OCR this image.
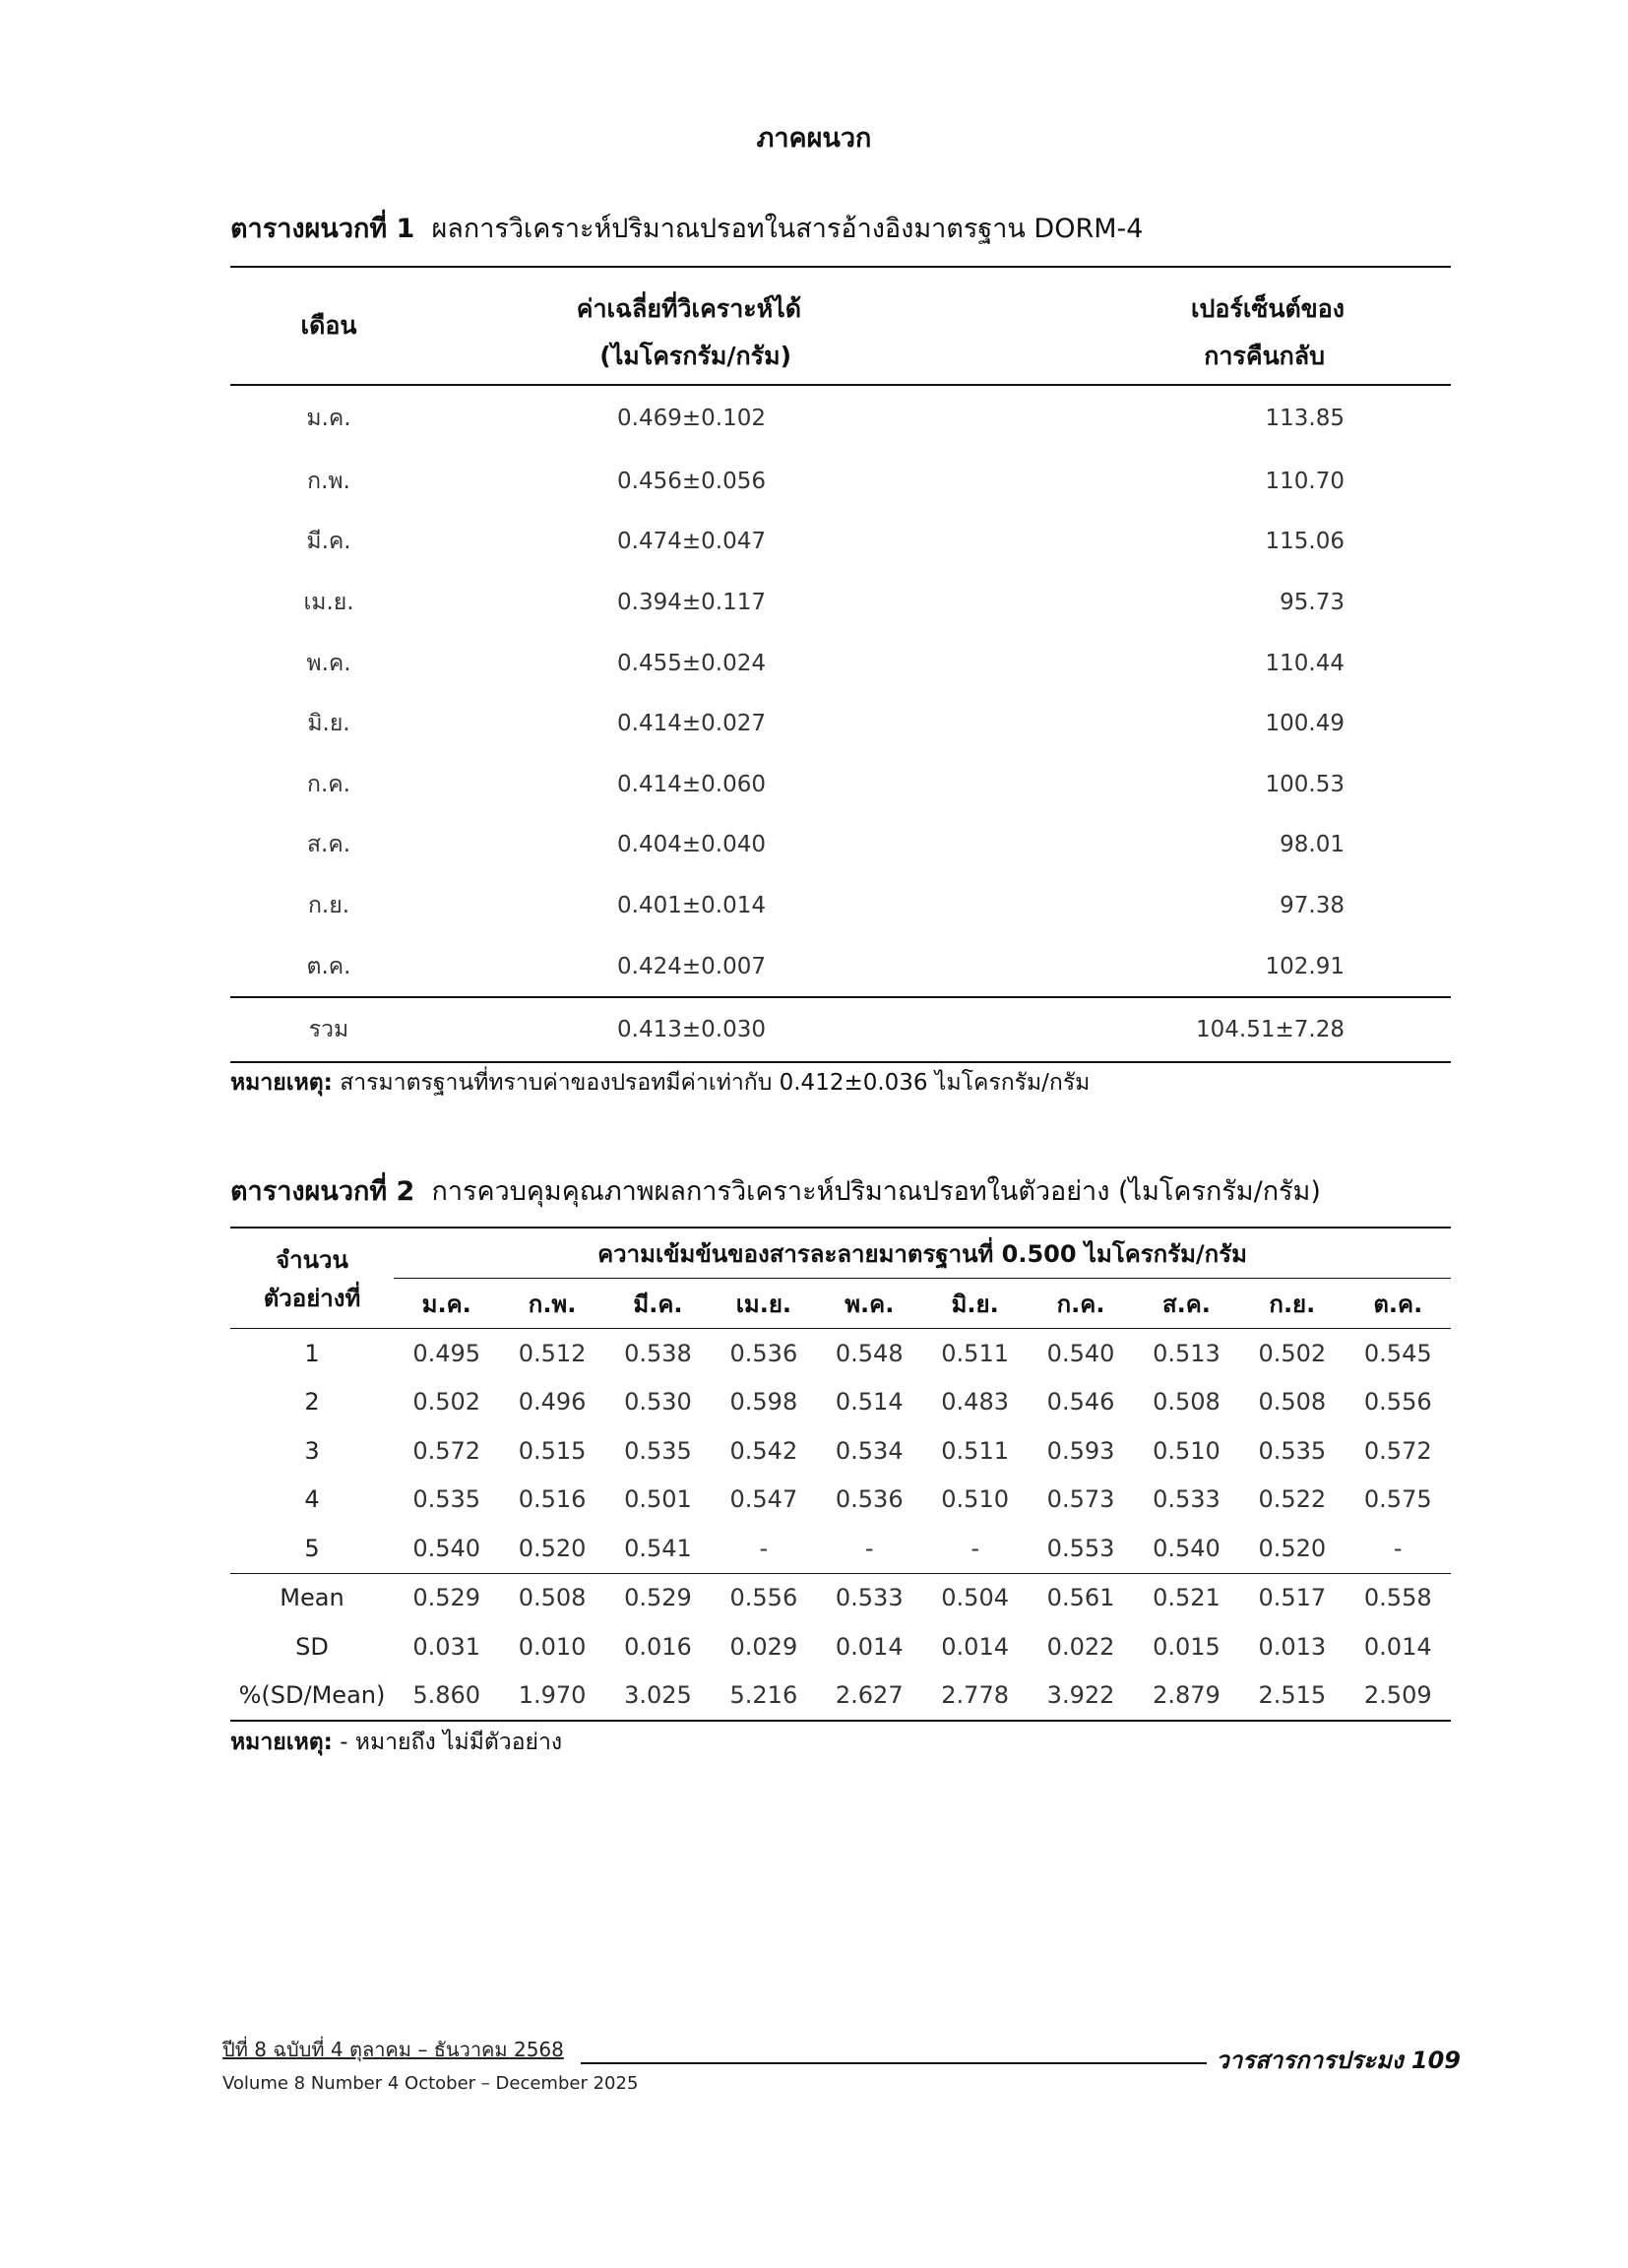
ภาคผนวก
ตารางผนวกที่ 1 ผลการวิเคราะห์ปริมาณปรอทในสารอ้างอิงมาตรฐาน DORM-4
เดือน	ค่าเฉลี่ยที่วิเคราะห์ได้	เปอร์เซ็นต์ของ
	(ไมโครกรัม/กรัม)	การคืนกลับ
ม.ค.	0.469±0.102	113.85
ก.พ.	0.456±0.056	110.70
มี.ค.	0.474±0.047	115.06
เม.ย.	0.394±0.117	95.73
พ.ค.	0.455±0.024	110.44
มิ.ย.	0.414±0.027	100.49
ก.ค.	0.414±0.060	100.53
ส.ค.	0.404±0.040	98.01
ก.ย.	0.401±0.014	97.38
ต.ค.	0.424±0.007	102.91
รวม	0.413±0.030	104.51±7.28
หมายเหตุ: สารมาตรฐานที่ทราบค่าของปรอทมีค่าเท่ากับ 0.412±0.036 ไมโครกรัม/กรัม
ตารางผนวกที่ 2 การควบคุมคุณภาพผลการวิเคราะห์ปริมาณปรอทในตัวอย่าง (ไมโครกรัม/กรัม)
จำนวน	ความเข้มข้นของสารละลายมาตรฐานที่ 0.500 ไมโครกรัม/กรัม									
ตัวอย่างที่	ม.ค.	ก.พ.	มี.ค.	เม.ย.	พ.ค.	มิ.ย.	ก.ค.	ส.ค.	ก.ย.	ต.ค.
1	0.495	0.512	0.538	0.536	0.548	0.511	0.540	0.513	0.502	0.545
2	0.502	0.496	0.530	0.598	0.514	0.483	0.546	0.508	0.508	0.556
3	0.572	0.515	0.535	0.542	0.534	0.511	0.593	0.510	0.535	0.572
4	0.535	0.516	0.501	0.547	0.536	0.510	0.573	0.533	0.522	0.575
5	0.540	0.520	0.541	-	-	-	0.553	0.540	0.520	-
Mean	0.529	0.508	0.529	0.556	0.533	0.504	0.561	0.521	0.517	0.558
SD	0.031	0.010	0.016	0.029	0.014	0.014	0.022	0.015	0.013	0.014
%(SD/Mean)	5.860	1.970	3.025	5.216	2.627	2.778	3.922	2.879	2.515	2.509
หมายเหตุ: - หมายถึง ไม่มีตัวอย่าง
ปีที่ 8 ฉบับที่ 4 ตุลาคม – ธันวาคม 2568
Volume 8 Number 4 October – December 2025
วารสารการประมง 109
